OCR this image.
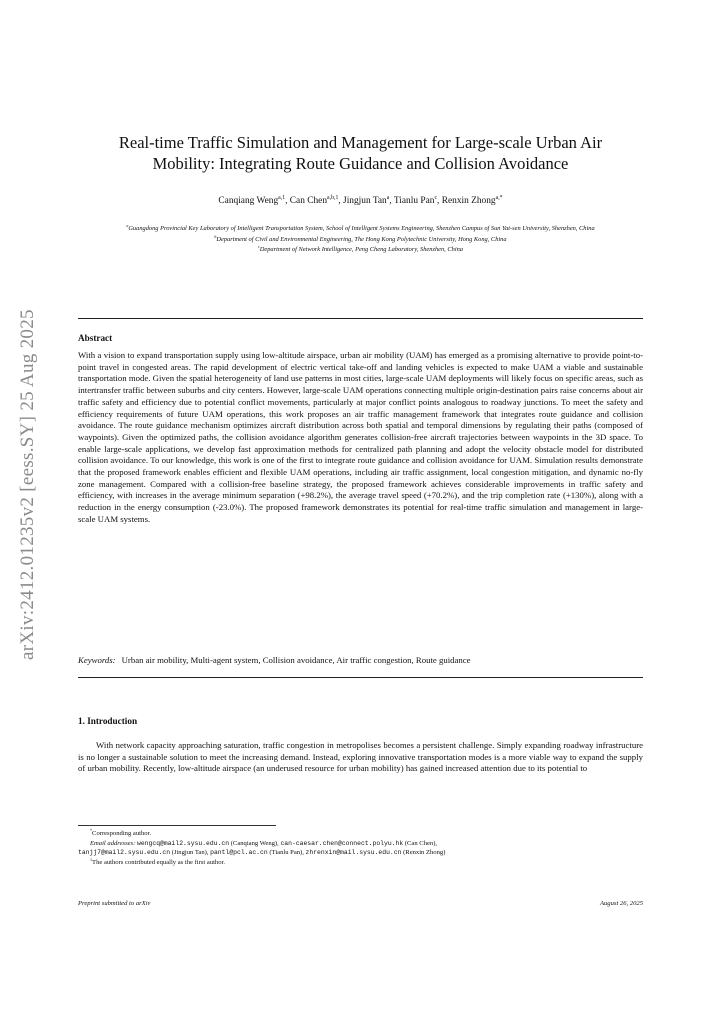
arXiv:2412.01235v2 [eess.SY] 25 Aug 2025
Real-time Traffic Simulation and Management for Large-scale Urban Air
Mobility: Integrating Route Guidance and Collision Avoidance
Canqiang Weng$^{a,1}$, Can Chen$^{a,b,1}$, Jingjun Tan$^a$, Tianlu Pan$^c$, Renxin Zhong$^{a,*}$
$^a$Guangdong Provincial Key Laboratory of Intelligent Transportation System, School of Intelligent Systems Engineering, Shenzhen Campus of Sun Yat-sen University, Shenzhen, China
$^b$Department of Civil and Environmental Engineering, The Hong Kong Polytechnic University, Hong Kong, China
$^c$Department of Network Intelligence, Peng Cheng Laboratory, Shenzhen, China
Abstract
With a vision to expand transportation supply using low-altitude airspace, urban air mobility (UAM) has emerged as a promising alternative to provide point-to-point travel in congested areas. The rapid development of electric vertical take-off and landing vehicles is expected to make UAM a viable and sustainable transportation mode. Given the spatial heterogeneity of land use patterns in most cities, large-scale UAM deployments will likely focus on specific areas, such as intertransfer traffic between suburbs and city centers. However, large-scale UAM operations connecting multiple origin-destination pairs raise concerns about air traffic safety and efficiency due to potential conflict movements, particularly at major conflict points analogous to roadway junctions. To meet the safety and efficiency requirements of future UAM operations, this work proposes an air traffic management framework that integrates route guidance and collision avoidance. The route guidance mechanism optimizes aircraft distribution across both spatial and temporal dimensions by regulating their paths (composed of waypoints). Given the optimized paths, the collision avoidance algorithm generates collision-free aircraft trajectories between waypoints in the 3D space. To enable large-scale applications, we develop fast approximation methods for centralized path planning and adopt the velocity obstacle model for distributed collision avoidance. To our knowledge, this work is one of the first to integrate route guidance and collision avoidance for UAM. Simulation results demonstrate that the proposed framework enables efficient and flexible UAM operations, including air traffic assignment, local congestion mitigation, and dynamic no-fly zone management. Compared with a collision-free baseline strategy, the proposed framework achieves considerable improvements in traffic safety and efficiency, with increases in the average minimum separation (+98.2%), the average travel speed (+70.2%), and the trip completion rate (+130%), along with a reduction in the energy consumption (-23.0%). The proposed framework demonstrates its potential for real-time traffic simulation and management in large-scale UAM systems.
Keywords: Urban air mobility, Multi-agent system, Collision avoidance, Air traffic congestion, Route guidance
1. Introduction
With network capacity approaching saturation, traffic congestion in metropolises becomes a persistent challenge. Simply expanding roadway infrastructure is no longer a sustainable solution to meet the increasing demand. Instead, exploring innovative transportation modes is a more viable way to expand the supply of urban mobility. Recently, low-altitude airspace (an underused resource for urban mobility) has gained increased attention due to its potential to
*Corresponding author.
Email addresses: wengcq@mail2.sysu.edu.cn (Canqiang Weng), can-caesar.chen@connect.polyu.hk (Can Chen),
tanjj7@mail2.sysu.edu.cn (Jingjun Tan), pantl@pcl.ac.cn (Tianlu Pan), zhrenxin@mail.sysu.edu.cn (Renxin Zhong)
$^1$The authors contributed equally as the first author.
Preprint submitted to arXiv	August 26, 2025
